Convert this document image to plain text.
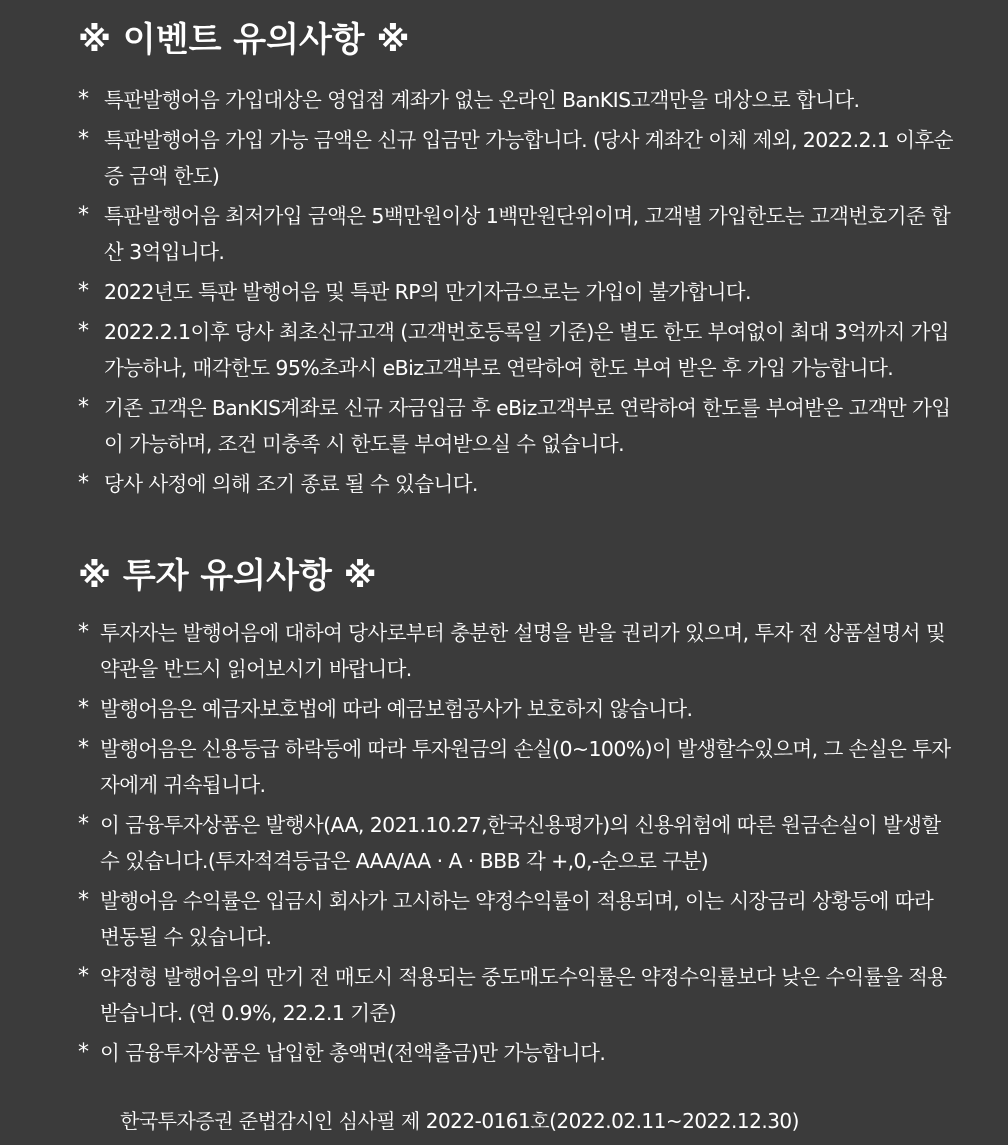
※ 이벤트 유의사항 ※
* 특판발행어음 가입대상은 영업점 계좌가 없는 온라인 BanKIS고객만을 대상으로 합니다.
* 특판발행어음 가입 가능 금액은 신규 입금만 가능합니다. (당사 계좌간 이체 제외, 2022.2.1 이후순증 금액 한도)
* 특판발행어음 최저가입 금액은 5백만원이상 1백만원단위이며, 고객별 가입한도는 고객번호기준 합산 3억입니다.
* 2022년도 특판 발행어음 및 특판 RP의 만기자금으로는 가입이 불가합니다.
* 2022.2.1이후 당사 최초신규고객 (고객번호등록일 기준)은 별도 한도 부여없이 최대 3억까지 가입가능하나, 매각한도 95%초과시 eBiz고객부로 연락하여 한도 부여 받은 후 가입 가능합니다.
* 기존 고객은 BanKIS계좌로 신규 자금입금 후 eBiz고객부로 연락하여 한도를 부여받은 고객만 가입이 가능하며, 조건 미충족 시 한도를 부여받으실 수 없습니다.
* 당사 사정에 의해 조기 종료 될 수 있습니다.
※ 투자 유의사항 ※
* 투자자는 발행어음에 대하여 당사로부터 충분한 설명을 받을 권리가 있으며, 투자 전 상품설명서 및 약관을 반드시 읽어보시기 바랍니다.
* 발행어음은 예금자보호법에 따라 예금보험공사가 보호하지 않습니다.
* 발행어음은 신용등급 하락등에 따라 투자원금의 손실(0~100%)이 발생할수있으며, 그 손실은 투자자에게 귀속됩니다.
* 이 금융투자상품은 발행사(AA, 2021.10.27,한국신용평가)의 신용위험에 따른 원금손실이 발생할 수 있습니다.(투자적격등급은 AAA/AA · A · BBB 각 +,0,-순으로 구분)
* 발행어음 수익률은 입금시 회사가 고시하는 약정수익률이 적용되며, 이는 시장금리 상황등에 따라 변동될 수 있습니다.
* 약정형 발행어음의 만기 전 매도시 적용되는 중도매도수익률은 약정수익률보다 낮은 수익률을 적용받습니다. (연 0.9%, 22.2.1 기준)
* 이 금융투자상품은 납입한 총액면(전액출금)만 가능합니다.
한국투자증권 준법감시인 심사필 제 2022-0161호(2022.02.11~2022.12.30)
